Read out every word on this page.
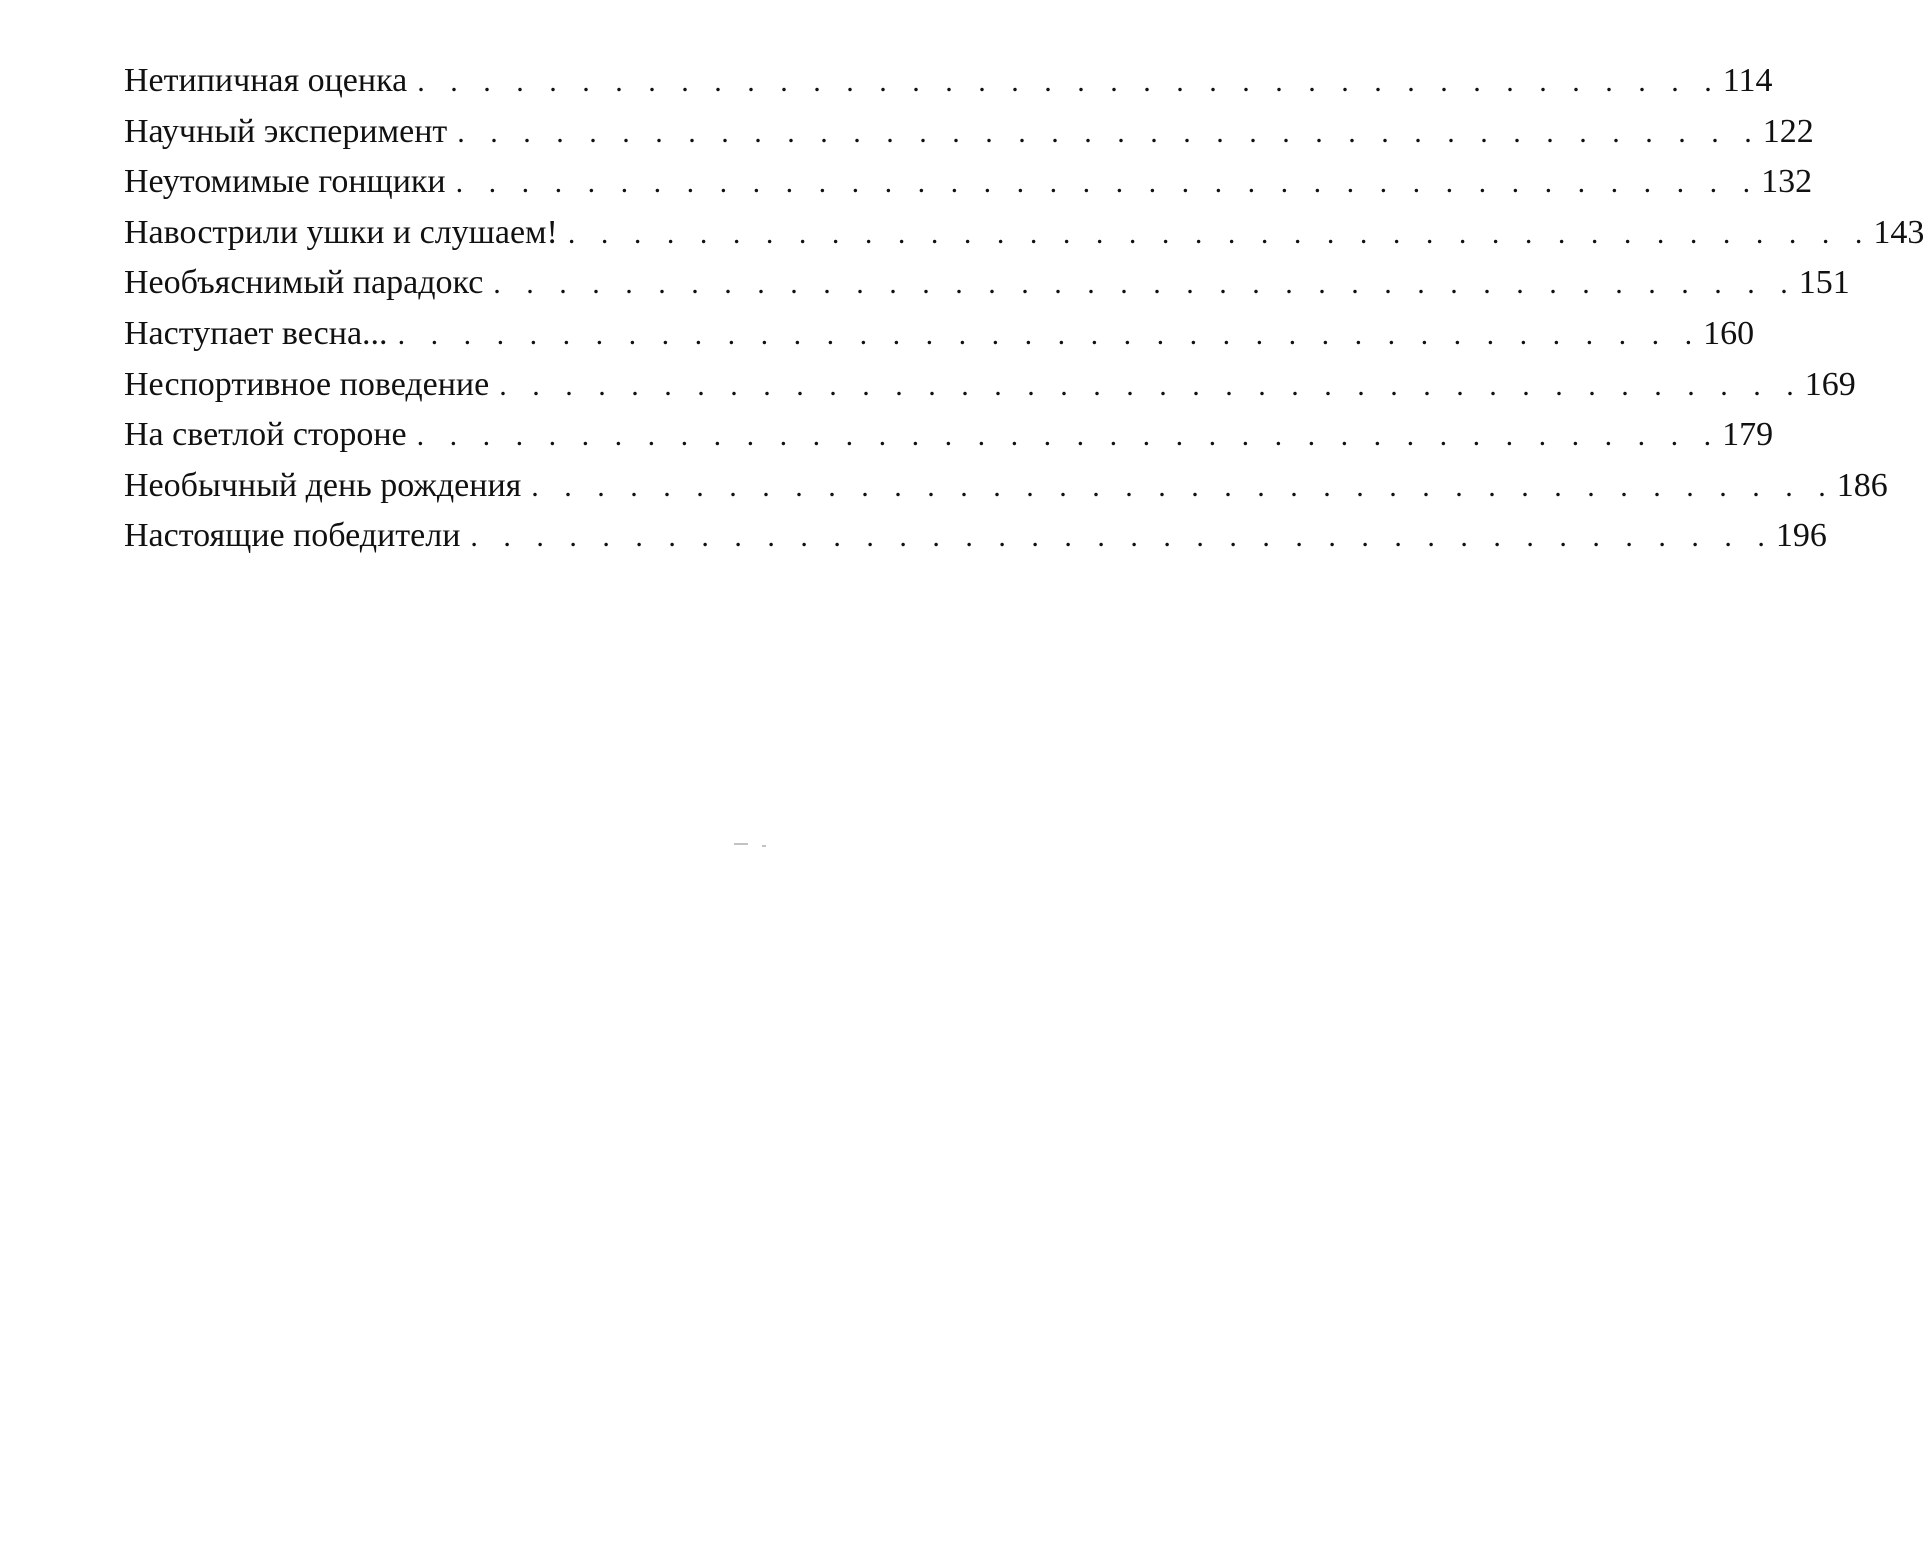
Нетипичная оценка . . . . . . . . . . . . . . . . . . . . . . . . . . . . . . . . . . . . . . . . 114
Научный эксперимент . . . . . . . . . . . . . . . . . . . . . . . . . . . . . . . . . . . . . . . . 122
Неутомимые гонщики . . . . . . . . . . . . . . . . . . . . . . . . . . . . . . . . . . . . . . . . 132
Навострили ушки и слушаем! . . . . . . . . . . . . . . . . . . . . . . . . . . . . . . . . . . . . . . . . 143
Необъяснимый парадокс . . . . . . . . . . . . . . . . . . . . . . . . . . . . . . . . . . . . . . . . 151
Наступает весна... . . . . . . . . . . . . . . . . . . . . . . . . . . . . . . . . . . . . . . . . 160
Неспортивное поведение . . . . . . . . . . . . . . . . . . . . . . . . . . . . . . . . . . . . . . . . 169
На светлой стороне . . . . . . . . . . . . . . . . . . . . . . . . . . . . . . . . . . . . . . . . 179
Необычный день рождения . . . . . . . . . . . . . . . . . . . . . . . . . . . . . . . . . . . . . . . . 186
Настоящие победители . . . . . . . . . . . . . . . . . . . . . . . . . . . . . . . . . . . . . . . . 196
